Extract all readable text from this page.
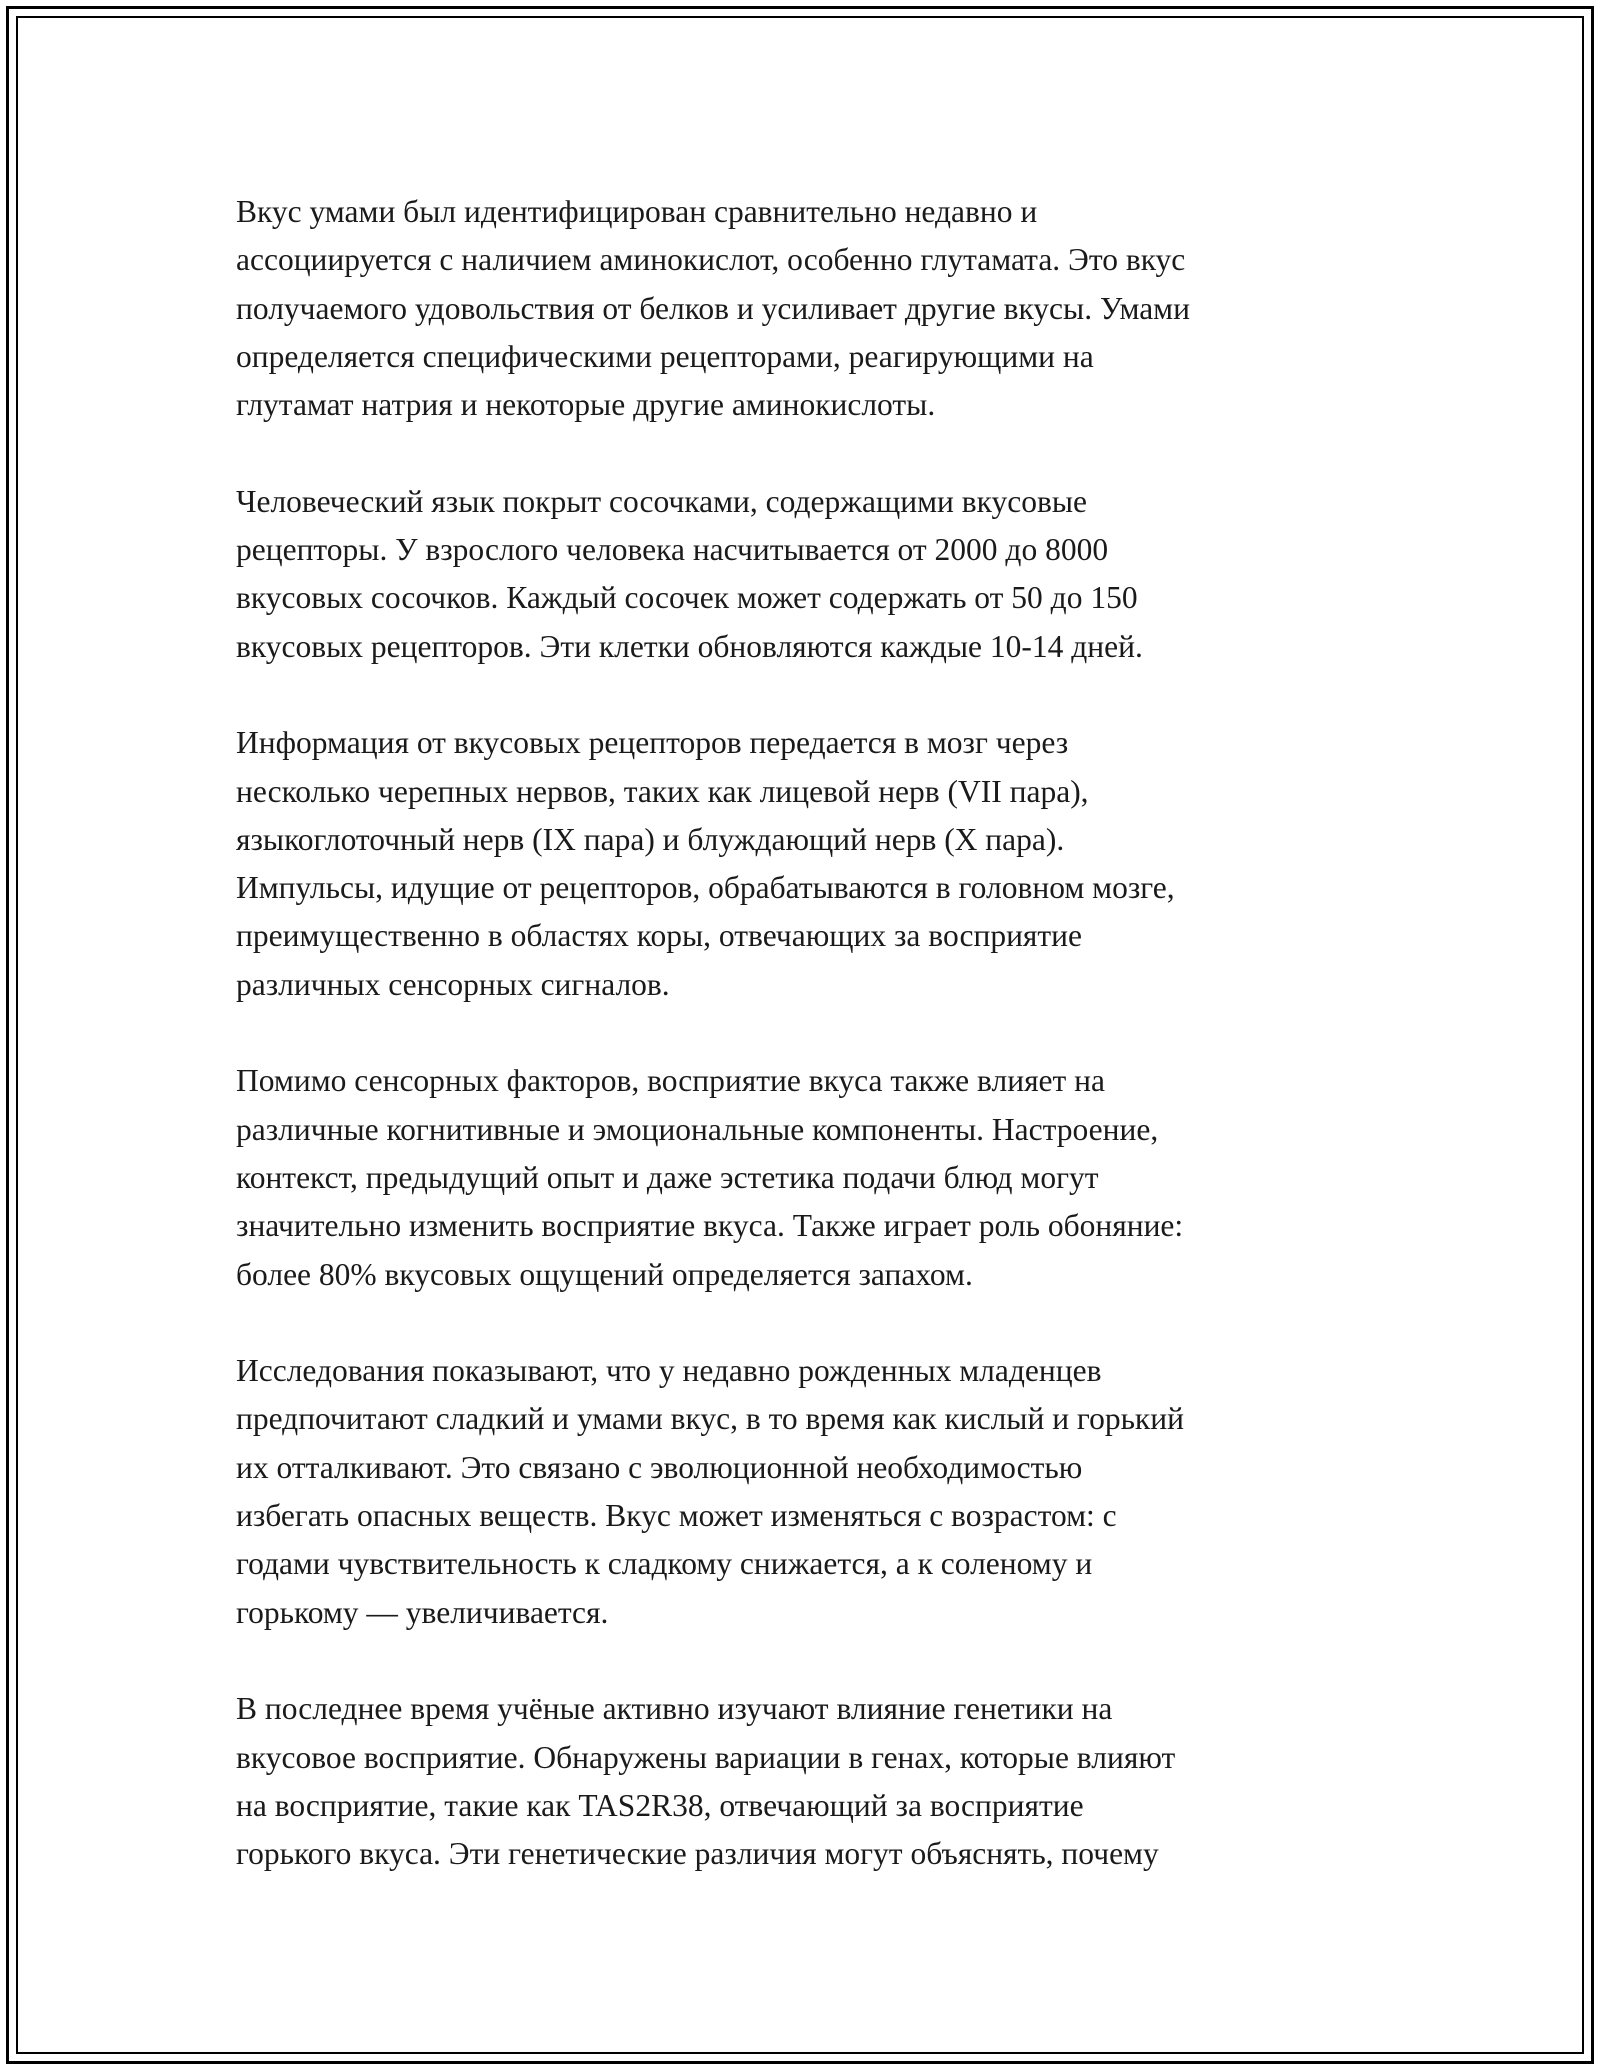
Вкус умами был идентифицирован сравнительно недавно и
ассоциируется с наличием аминокислот, особенно глутамата. Это вкус
получаемого удовольствия от белков и усиливает другие вкусы. Умами
определяется специфическими рецепторами, реагирующими на
глутамат натрия и некоторые другие аминокислоты.
Человеческий язык покрыт сосочками, содержащими вкусовые
рецепторы. У взрослого человека насчитывается от 2000 до 8000
вкусовых сосочков. Каждый сосочек может содержать от 50 до 150
вкусовых рецепторов. Эти клетки обновляются каждые 10-14 дней.
Информация от вкусовых рецепторов передается в мозг через
несколько черепных нервов, таких как лицевой нерв (VII пара),
языкоглоточный нерв (IX пара) и блуждающий нерв (X пара).
Импульсы, идущие от рецепторов, обрабатываются в головном мозге,
преимущественно в областях коры, отвечающих за восприятие
различных сенсорных сигналов.
Помимо сенсорных факторов, восприятие вкуса также влияет на
различные когнитивные и эмоциональные компоненты. Настроение,
контекст, предыдущий опыт и даже эстетика подачи блюд могут
значительно изменить восприятие вкуса. Также играет роль обоняние:
более 80% вкусовых ощущений определяется запахом.
Исследования показывают, что у недавно рожденных младенцев
предпочитают сладкий и умами вкус, в то время как кислый и горький
их отталкивают. Это связано с эволюционной необходимостью
избегать опасных веществ. Вкус может изменяться с возрастом: с
годами чувствительность к сладкому снижается, а к соленому и
горькому — увеличивается.
В последнее время учёные активно изучают влияние генетики на
вкусовое восприятие. Обнаружены вариации в генах, которые влияют
на восприятие, такие как TAS2R38, отвечающий за восприятие
горького вкуса. Эти генетические различия могут объяснять, почему
